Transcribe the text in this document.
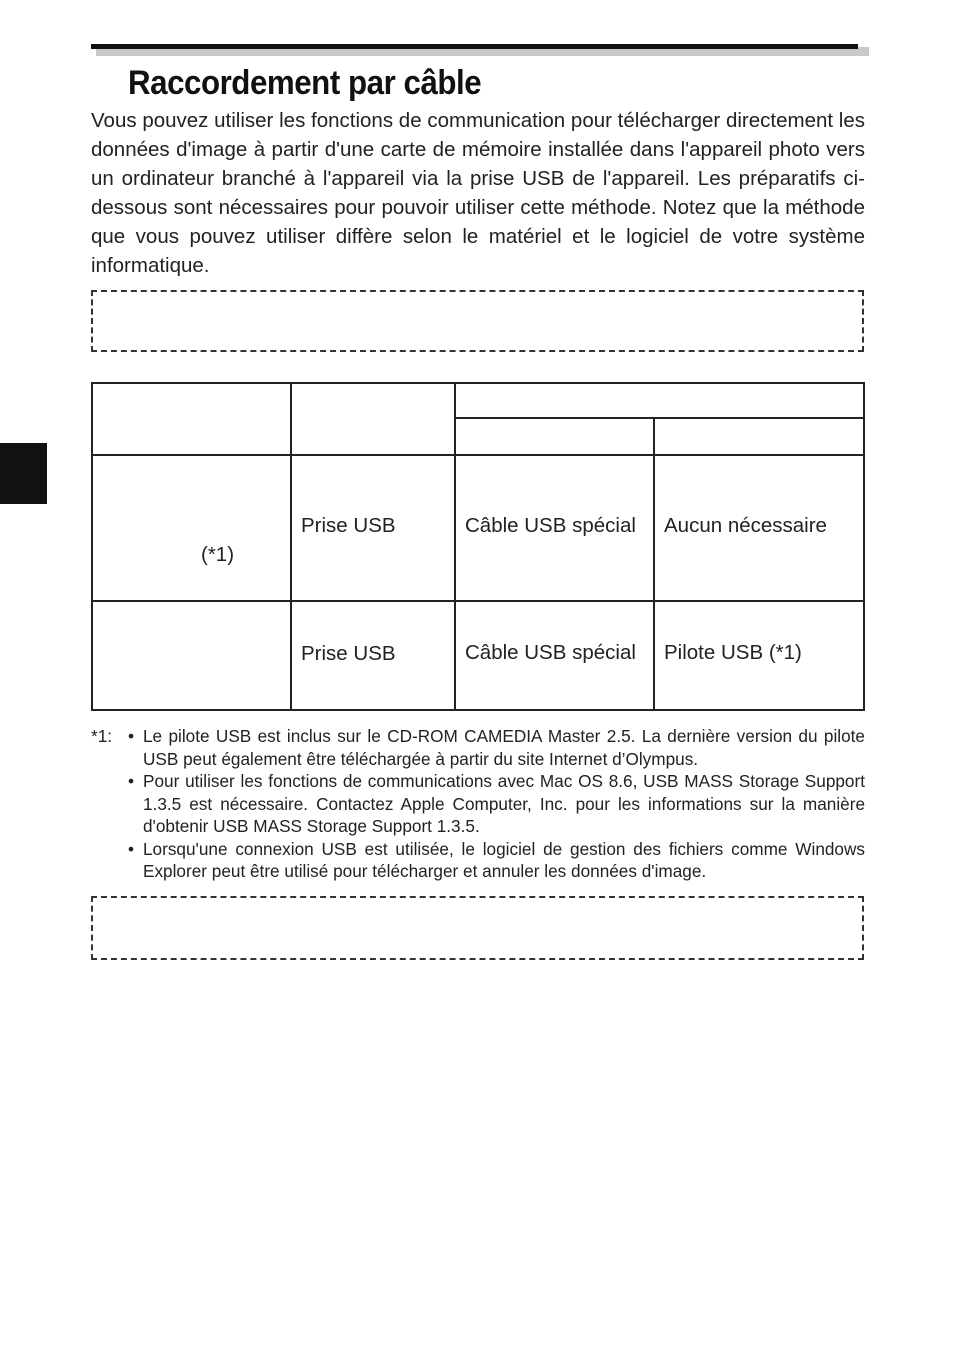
Raccordement par câble

Vous pouvez utiliser les fonctions de communication pour télécharger directement les données d'image à partir d'une carte de mémoire installée dans l'appareil photo vers un ordinateur branché à l'appareil via la prise USB de l'appareil. Les préparatifs ci-dessous sont nécessaires pour pouvoir utiliser cette méthode. Notez que la méthode que vous pouvez utiliser diffère selon le matériel et le logiciel de votre système informatique.

(*1)
Prise USB	Câble USB spécial Aucun nécessaire
Prise USB	Câble USB spécial Pilote USB (*1)
*1: • Le pilote USB est inclus sur le CD-ROM CAMEDIA Master 2.5. La dernière version du pilote USB peut également être téléchargée à partir du site Internet d’Olympus.
• Pour utiliser les fonctions de communications avec Mac OS 8.6, USB MASS Storage Support 1.3.5 est nécessaire. Contactez Apple Computer, Inc. pour les informations sur la manière d'obtenir USB MASS Storage Support 1.3.5.
• Lorsqu'une connexion USB est utilisée, le logiciel de gestion des fichiers comme Windows Explorer peut être utilisé pour télécharger et annuler les données d'image.
